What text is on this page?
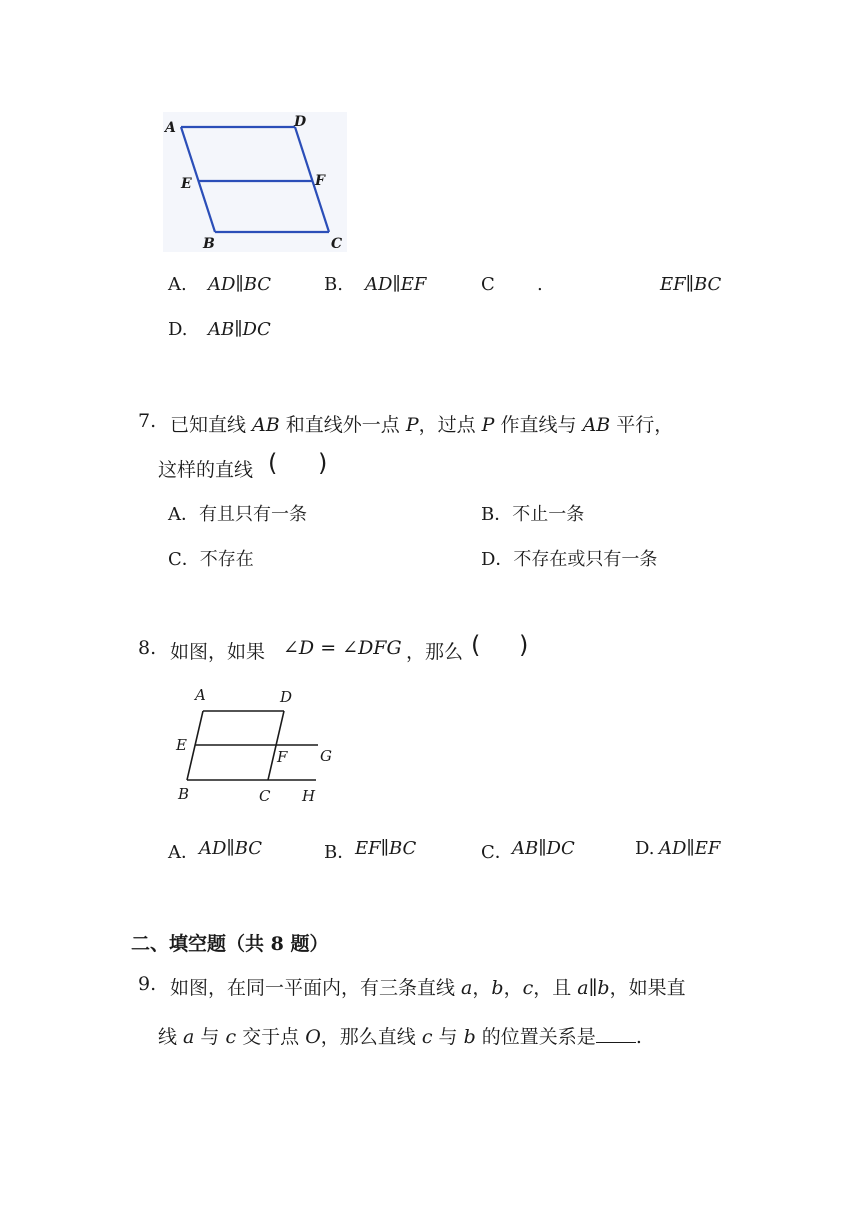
A	D
E	F
B	C
A. AD∥BC	B. AD∥EF	C .	EF∥BC
D. AB∥DC
7. 已知直线 AB 和直线外一点 P，过点 P 作直线与 AB 平行，
这样的直线 ( )
A．有且只有一条	B．不止一条
C．不存在	D．不存在或只有一条
8. 如图，如果 ∠D = ∠DFG ，那么 ( )
A	D
E
F G
B	C H
A． AD∥BC	B． EF∥BC	C． AB∥DC	D. AD∥EF
二、填空题（共 8 题）
9. 如图，在同一平面内，有三条直线 a，b，c，且 a∥b，如果直
线 a 与 c 交于点 O，那么直线 c 与 b 的位置关系是 .
